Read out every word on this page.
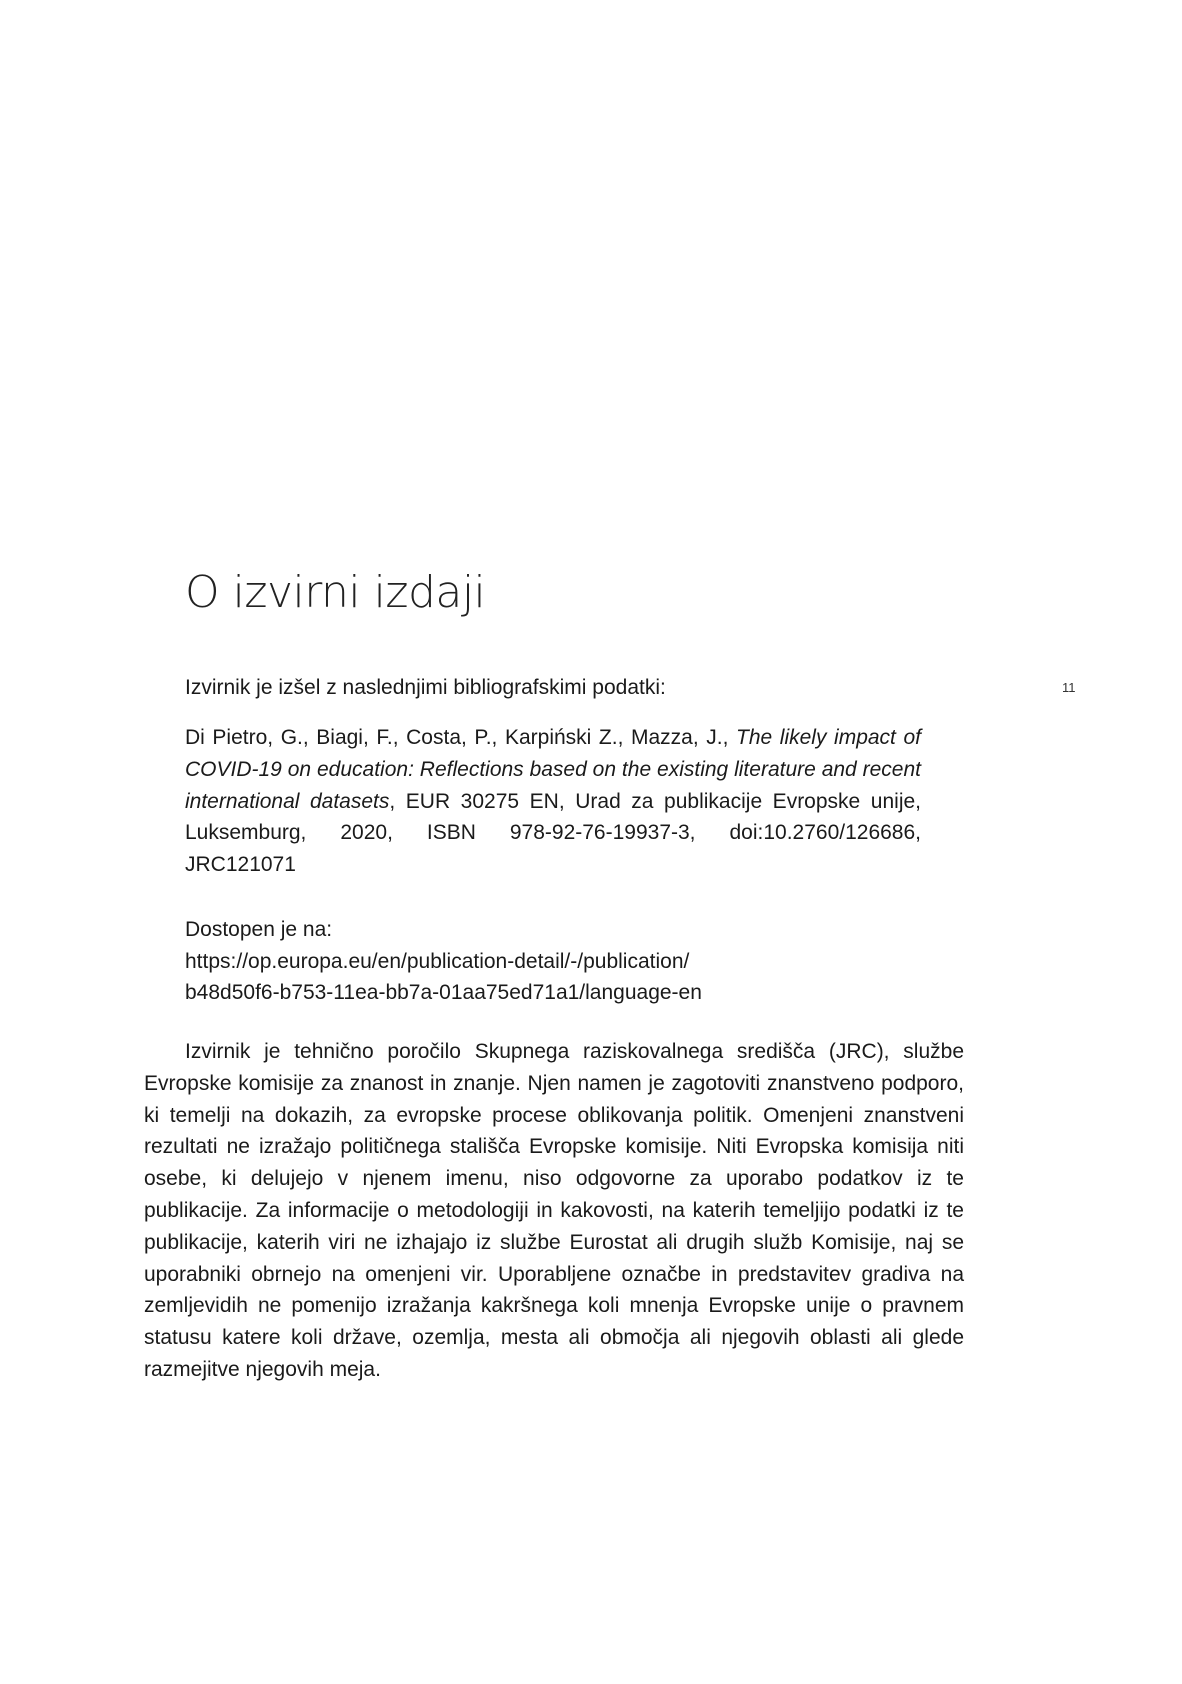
O izvirni izdaji
11

Izvirnik je izšel z naslednjimi bibliografskimi podatki:

Di Pietro, G., Biagi, F., Costa, P., Karpiński Z., Mazza, J., The likely impact of COVID-19 on education: Reflections based on the existing literature and recent international datasets, EUR 30275 EN, Urad za publikacije Evropske unije, Luksemburg, 2020, ISBN 978-92-76-19937-3, doi:10.2760/126686, JRC121071

Dostopen je na:
https://op.europa.eu/en/publication-detail/-/publication/
b48d50f6-b753-11ea-bb7a-01aa75ed71a1/language-en

Izvirnik je tehnično poročilo Skupnega raziskovalnega središča (JRC), službe Evropske komisije za znanost in znanje. Njen namen je zagotoviti znanstveno podporo, ki temelji na dokazih, za evropske procese oblikovanja politik. Omenjeni znanstveni rezultati ne izražajo političnega stališča Evropske komisije. Niti Evropska komisija niti osebe, ki delujejo v njenem imenu, niso odgovorne za uporabo podatkov iz te publikacije. Za informacije o metodologiji in kakovosti, na katerih temeljijo podatki iz te publikacije, katerih viri ne izhajajo iz službe Eurostat ali drugih služb Komisije, naj se uporabniki obrnejo na omenjeni vir. Uporabljene označbe in predstavitev gradiva na zemljevidih ne pomenijo izražanja kakršnega koli mnenja Evropske unije o pravnem statusu katere koli države, ozemlja, mesta ali območja ali njegovih oblasti ali glede razmejitve njegovih meja.
